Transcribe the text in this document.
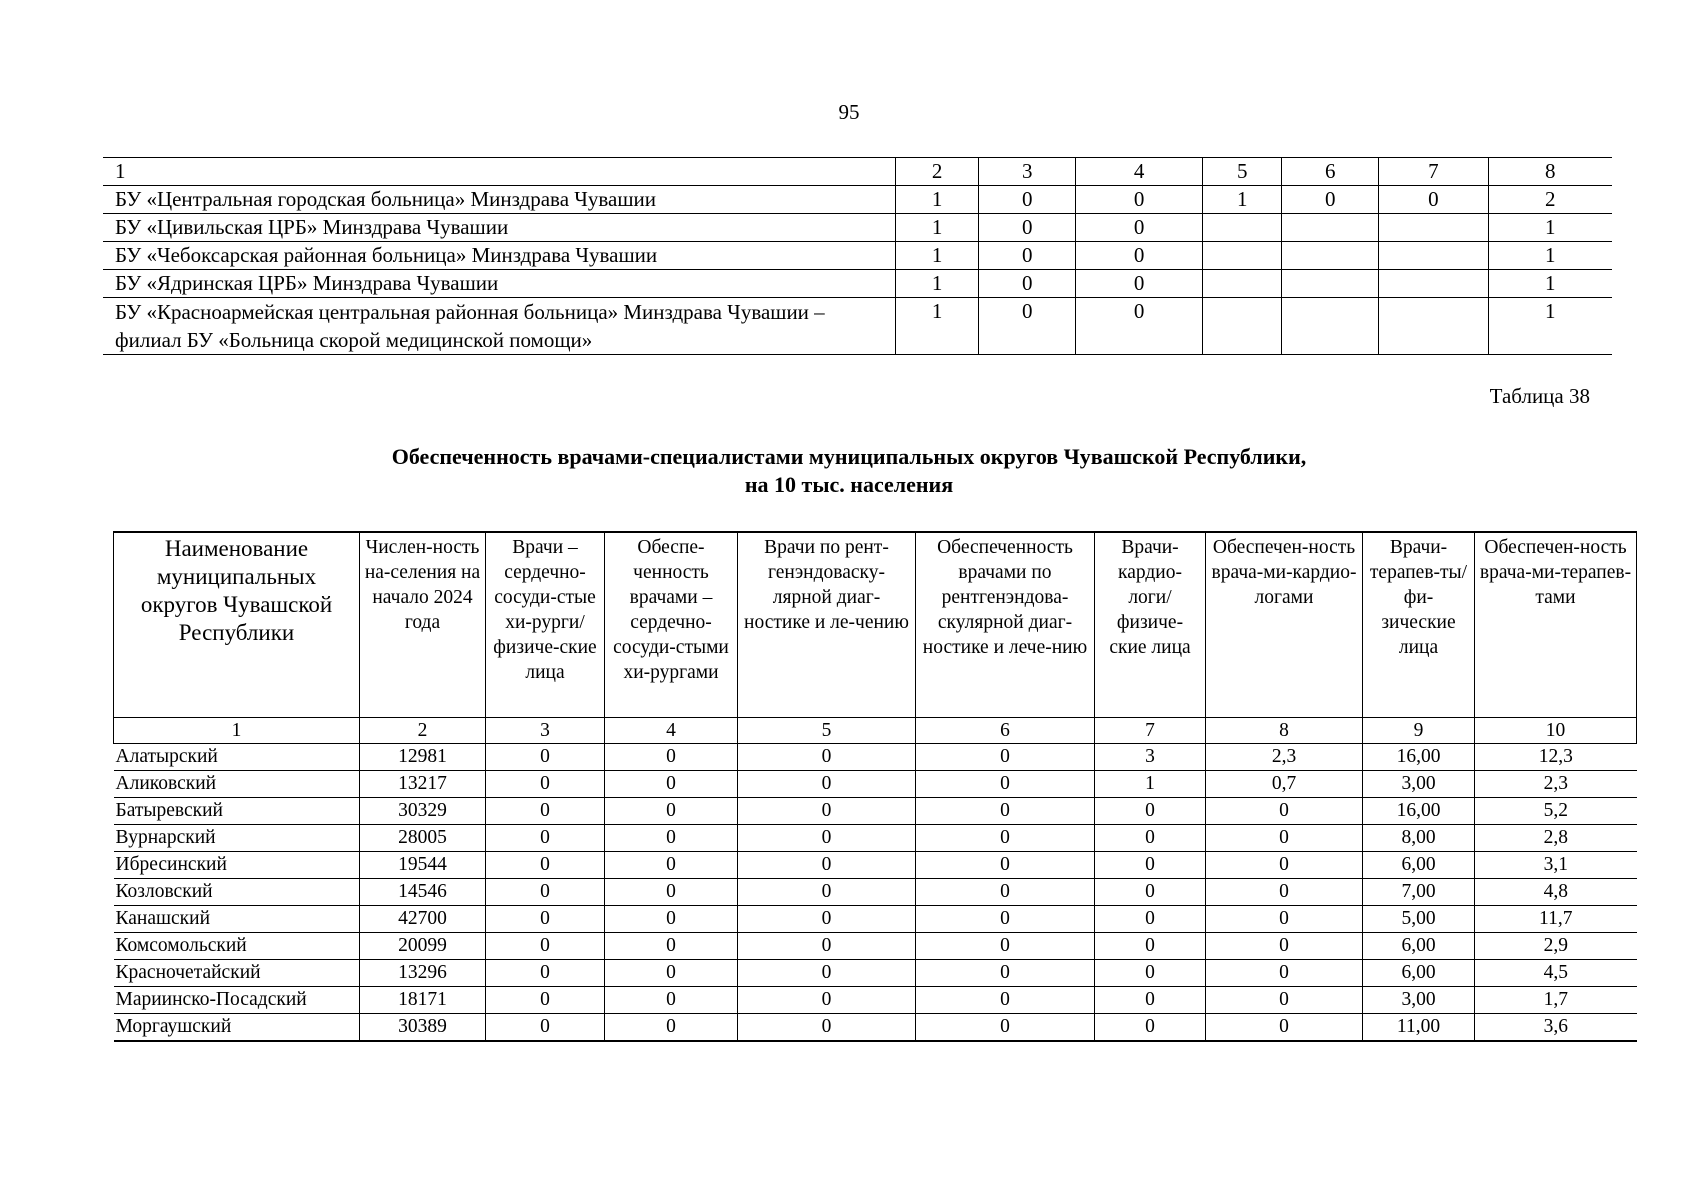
95
1	2	3	4	5	6	7	8
БУ «Центральная городская больница» Минздрава Чувашии	1	0	0	1	0	0	2
БУ «Цивильская ЦРБ» Минздрава Чувашии	1	0	0				1
БУ «Чебоксарская районная больница» Минздрава Чувашии	1	0	0				1
БУ «Ядринская ЦРБ» Минздрава Чувашии	1	0	0				1
БУ «Красноармейская центральная районная больница» Минздрава Чувашии – филиал БУ «Больница скорой медицинской помощи»	1	0	0				1
Таблица 38
Обеспеченность врачами-специалистами муниципальных округов Чувашской Республики,
на 10 тыс. населения
Наименование муниципальных округов Чувашской Республики	Числен-ность на-селения на начало 2024 года	Врачи – сердечно-сосуди-стые хи-рурги/ физиче-ские лица	Обеспе-ченность врачами – сердечно-сосуди-стыми хи-рургами	Врачи по рент-генэндоваску-лярной диаг-ностике и ле-чению	Обеспеченность врачами по рентгенэндова-скулярной диаг-ностике и лече-нию	Врачи-кардио-логи/ физиче-ские лица	Обеспечен-ность врача-ми-кардио-логами	Врачи-терапев-ты/фи-зические лица	Обеспечен-ность врача-ми-терапев-тами
1	2	3	4	5	6	7	8	9	10
Алатырский	12981	0	0	0	0	3	2,3	16,00	12,3
Аликовский	13217	0	0	0	0	1	0,7	3,00	2,3
Батыревский	30329	0	0	0	0	0	0	16,00	5,2
Вурнарский	28005	0	0	0	0	0	0	8,00	2,8
Ибресинский	19544	0	0	0	0	0	0	6,00	3,1
Козловский	14546	0	0	0	0	0	0	7,00	4,8
Канашский	42700	0	0	0	0	0	0	5,00	11,7
Комсомольский	20099	0	0	0	0	0	0	6,00	2,9
Красночетайский	13296	0	0	0	0	0	0	6,00	4,5
Мариинско-Посадский	18171	0	0	0	0	0	0	3,00	1,7
Моргаушский	30389	0	0	0	0	0	0	11,00	3,6
